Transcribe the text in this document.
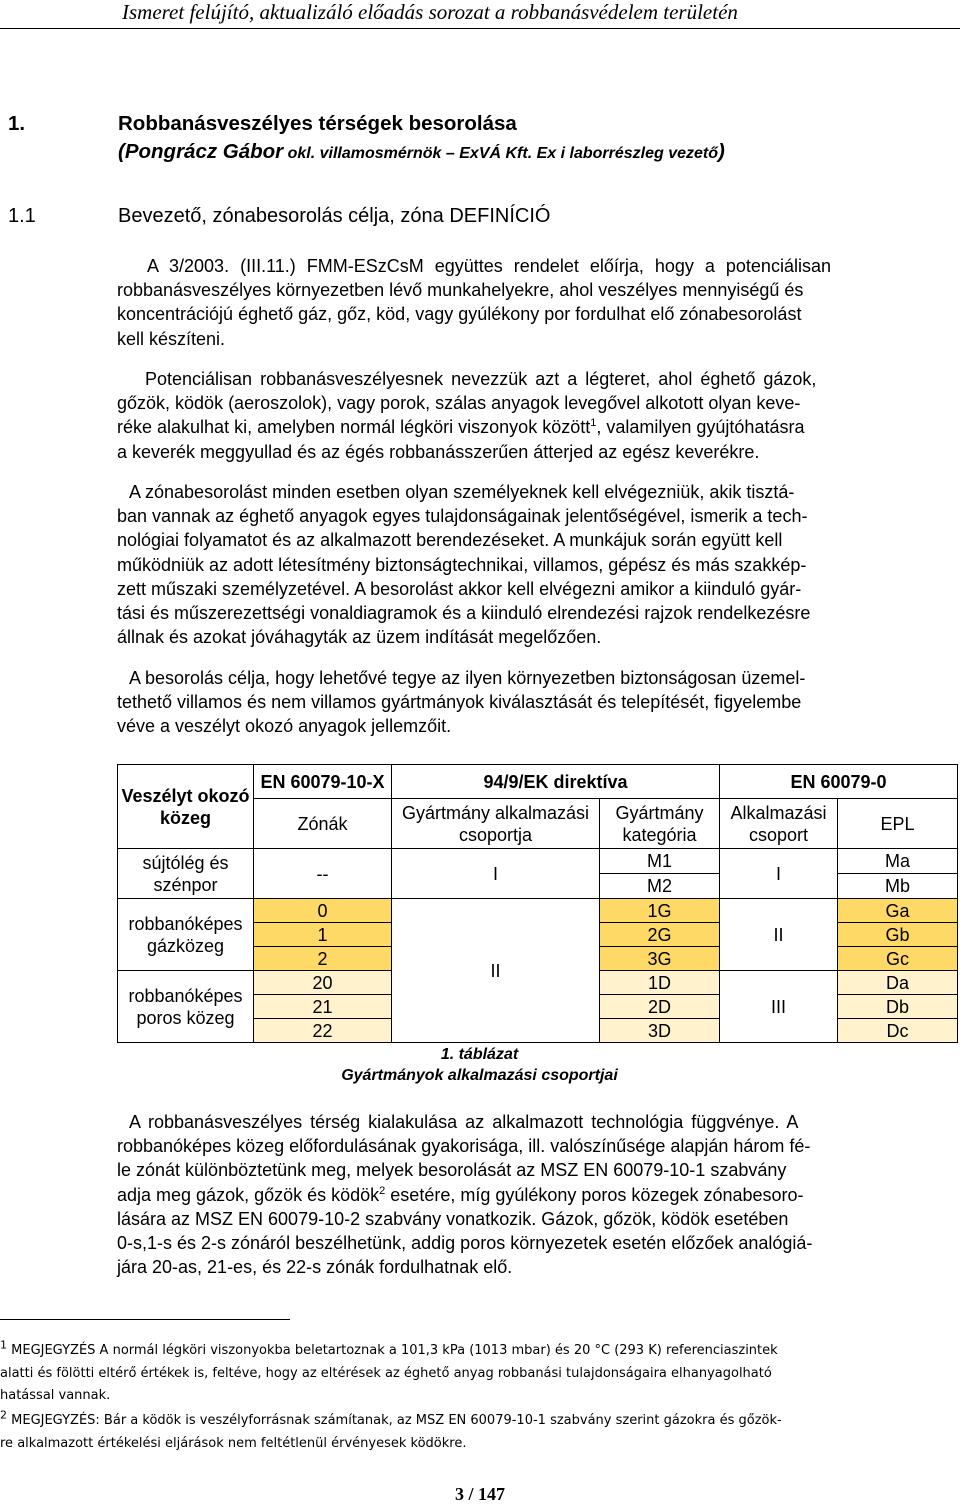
Ismeret felújító, aktualizáló előadás sorozat a robbanásvédelem területén
1.	Robbanásveszélyes térségek besorolása
(Pongrácz Gábor okl. villamosmérnök – ExVÁ Kft. Ex i laborrészleg vezető)
1.1	Bevezető, zónabesorolás célja, zóna DEFINÍCIÓ
A 3/2003. (III.11.) FMM-ESzCsM együttes rendelet előírja, hogy a potenciálisan
robbanásveszélyes környezetben lévő munkahelyekre, ahol veszélyes mennyiségű és
koncentrációjú éghető gáz, gőz, köd, vagy gyúlékony por fordulhat elő zónabesorolást
kell készíteni.
Potenciálisan robbanásveszélyesnek nevezzük azt a légteret, ahol éghető gázok,
gőzök, ködök (aeroszolok), vagy porok, szálas anyagok levegővel alkotott olyan keve-
réke alakulhat ki, amelyben normál légköri viszonyok között$^1$, valamilyen gyújtóhatásra
a keverék meggyullad és az égés robbanásszerűen átterjed az egész keverékre.
A zónabesorolást minden esetben olyan személyeknek kell elvégezniük, akik tisztá-
ban vannak az éghető anyagok egyes tulajdonságainak jelentőségével, ismerik a tech-
nológiai folyamatot és az alkalmazott berendezéseket. A munkájuk során együtt kell
működniük az adott létesítmény biztonságtechnikai, villamos, gépész és más szakkép-
zett műszaki személyzetével. A besorolást akkor kell elvégezni amikor a kiinduló gyár-
tási és műszerezettségi vonaldiagramok és a kiinduló elrendezési rajzok rendelkezésre
állnak és azokat jóváhagyták az üzem indítását megelőzően.
A besorolás célja, hogy lehetővé tegye az ilyen környezetben biztonságosan üzemel-
tethető villamos és nem villamos gyártmányok kiválasztását és telepítését, figyelembe
véve a veszélyt okozó anyagok jellemzőit.
Veszélyt okozó közeg	EN 60079-10-X	94/9/EK direktíva		EN 60079-0	
	Zónák	Gyártmány alkalmazási csoportja	Gyártmány kategória	Alkalmazási csoport	EPL
sújtólég és szénpor	--	I	M1	I	Ma
			M2		Mb
robbanóképes gázközeg	0	II	1G	II	Ga
	1		2G		Gb
	2		3G		Gc
robbanóképes poros közeg	20		1D	III	Da
	21		2D		Db
	22		3D		Dc
1. táblázat
Gyártmányok alkalmazási csoportjai
A robbanásveszélyes térség kialakulása az alkalmazott technológia függvénye. A
robbanóképes közeg előfordulásának gyakorisága, ill. valószínűsége alapján három fé-
le zónát különböztetünk meg, melyek besorolását az MSZ EN 60079-10-1 szabvány
adja meg gázok, gőzök és ködök$^2$ esetére, míg gyúlékony poros közegek zónabesoro-
lására az MSZ EN 60079-10-2 szabvány vonatkozik. Gázok, gőzök, ködök esetében
0-s,1-s és 2-s zónáról beszélhetünk, addig poros környezetek esetén előzőek analógiá-
jára 20-as, 21-es, és 22-s zónák fordulhatnak elő.
$^1$ MEGJEGYZÉS A normál légköri viszonyokba beletartoznak a 101,3 kPa (1013 mbar) és 20 °C (293 K) referenciaszintek
alatti és fölötti eltérő értékek is, feltéve, hogy az eltérések az éghető anyag robbanási tulajdonságaira elhanyagolható
hatással vannak.
$^2$ MEGJEGYZÉS: Bár a ködök is veszélyforrásnak számítanak, az MSZ EN 60079-10-1 szabvány szerint gázokra és gőzök-
re alkalmazott értékelési eljárások nem feltétlenül érvényesek ködökre.
3 / 147
